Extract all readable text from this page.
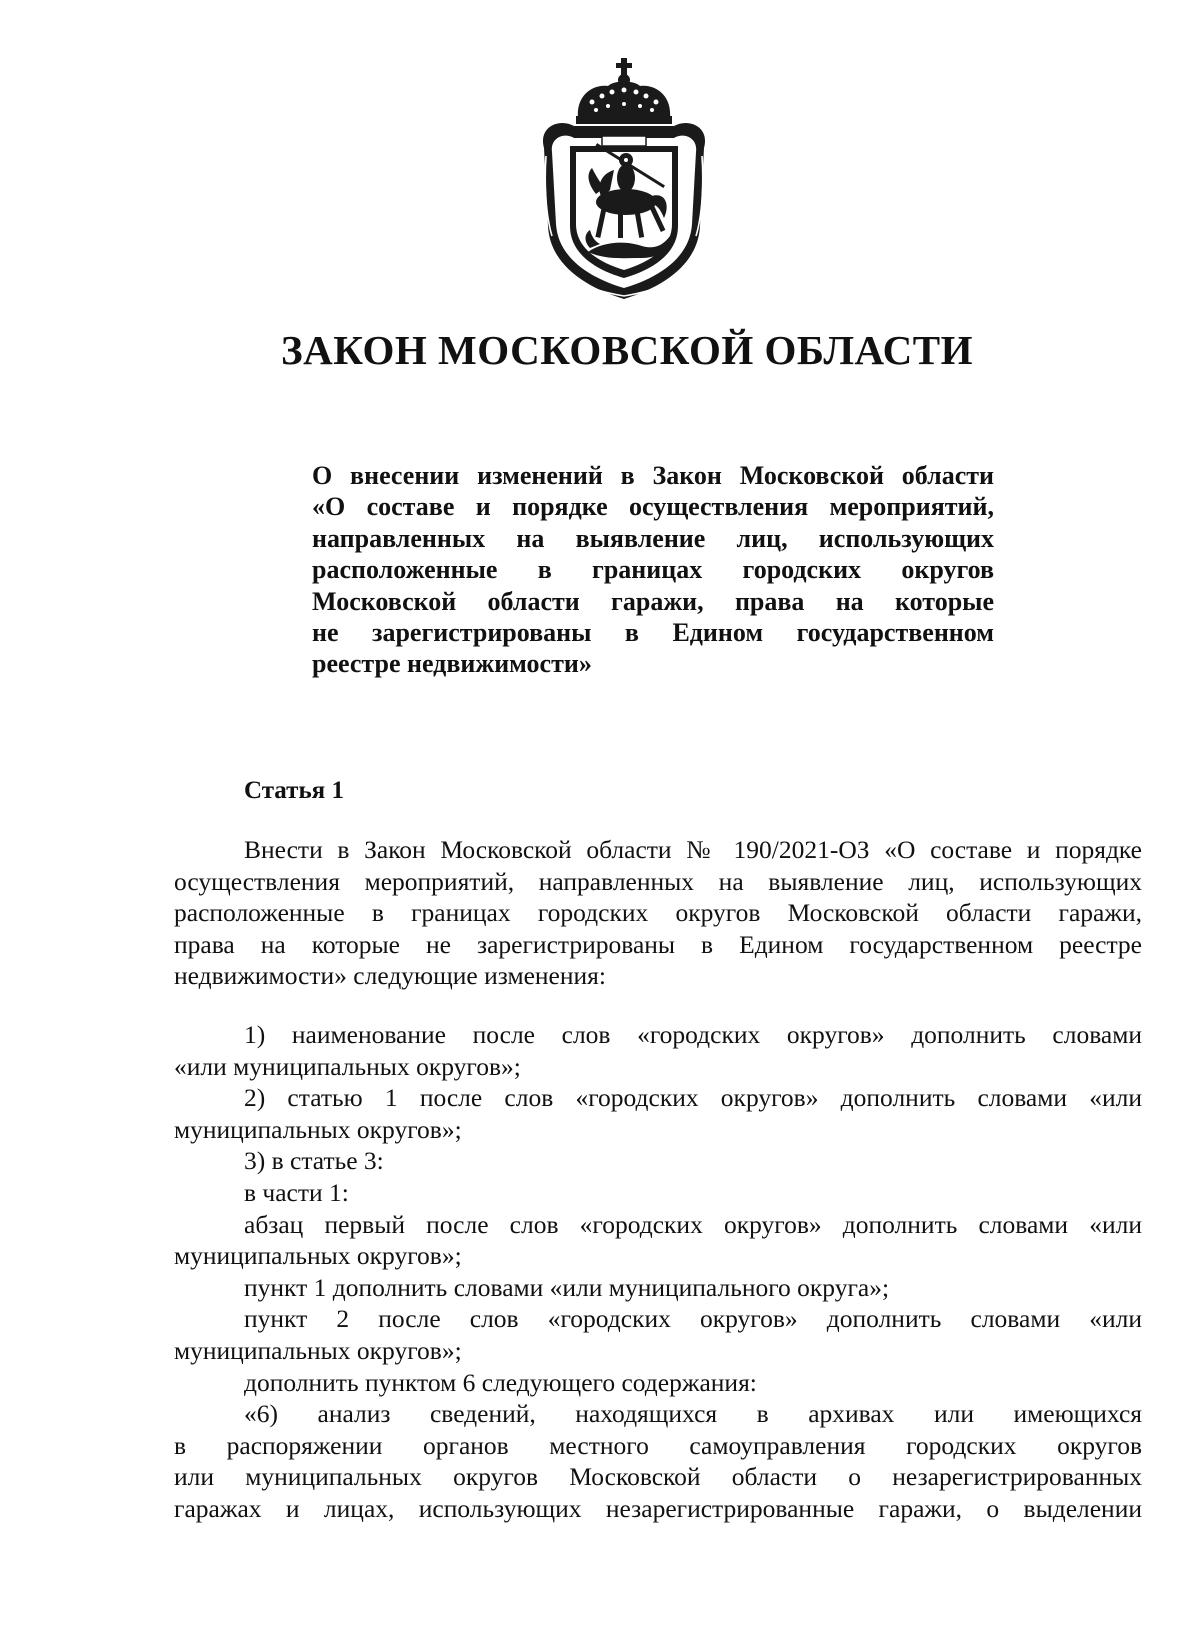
ЗАКОН МОСКОВСКОЙ ОБЛАСТИ
О внесении изменений в Закон Московской области
«О составе и порядке осуществления мероприятий,
направленных на выявление лиц, использующих
расположенные в границах городских округов
Московской области гаражи, права на которые
не зарегистрированы в Едином государственном
реестре недвижимости»
Статья 1
Внести в Закон Московской области № 190/2021-ОЗ «О составе и порядке
осуществления мероприятий, направленных на выявление лиц, использующих
расположенные в границах городских округов Московской области гаражи,
права на которые не зарегистрированы в Едином государственном реестре
недвижимости» следующие изменения:
1) наименование после слов «городских округов» дополнить словами
«или муниципальных округов»;
2) статью 1 после слов «городских округов» дополнить словами «или
муниципальных округов»;
3) в статье 3:
в части 1:
абзац первый после слов «городских округов» дополнить словами «или
муниципальных округов»;
пункт 1 дополнить словами «или муниципального округа»;
пункт 2 после слов «городских округов» дополнить словами «или
муниципальных округов»;
дополнить пунктом 6 следующего содержания:
«6) анализ сведений, находящихся в архивах или имеющихся
в распоряжении органов местного самоуправления городских округов
или муниципальных округов Московской области о незарегистрированных
гаражах и лицах, использующих незарегистрированные гаражи, о выделении
